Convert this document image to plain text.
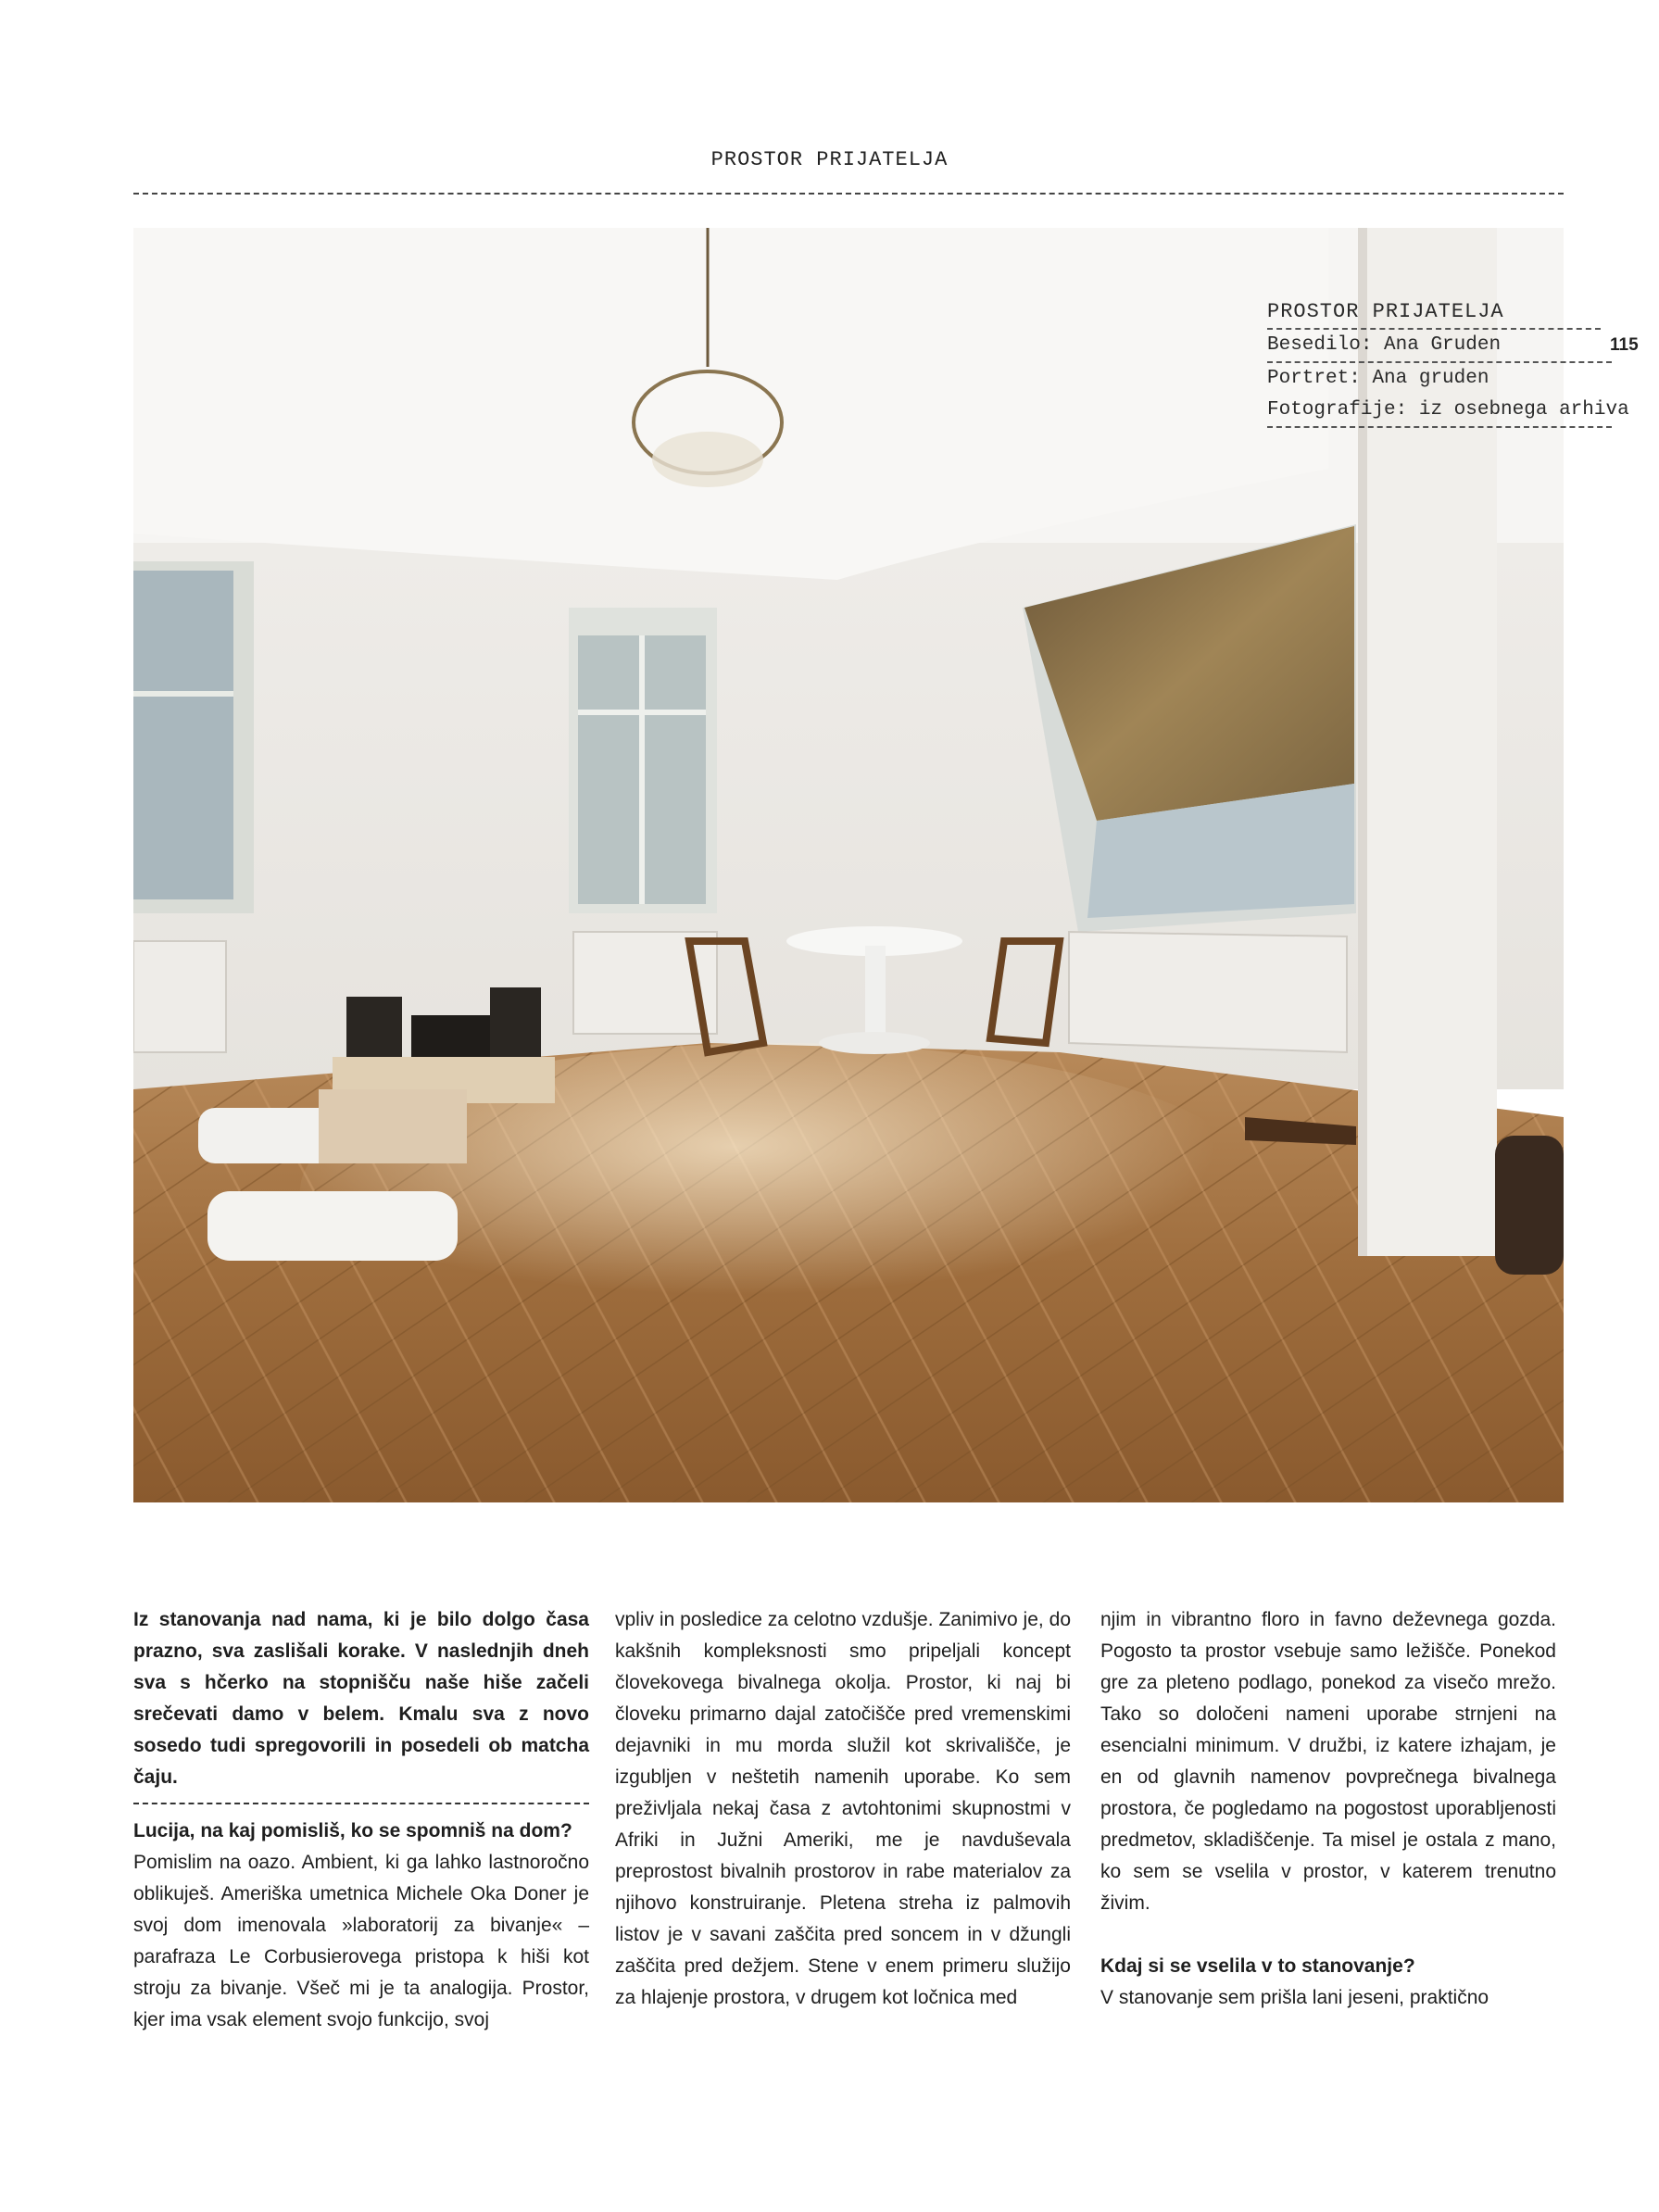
PROSTOR PRIJATELJA
PROSTOR PRIJATELJA
Besedilo: Ana Gruden
Portret: Ana gruden
Fotografije: iz osebnega arhiva
115

Iz stanovanja nad nama, ki je bilo dolgo časa prazno, sva zaslišali korake. V naslednjih dneh sva s hčerko na stopnišču naše hiše začeli srečevati damo v belem. Kmalu sva z novo sosedo tudi spregovorili in posedeli ob matcha čaju.

Lucija, na kaj pomisliš, ko se spomniš na dom?

Pomislim na oazo. Ambient, ki ga lahko lastnoročno oblikuješ. Ameriška umetnica Michele Oka Doner je svoj dom imenovala »laboratorij za bivanje« – parafraza Le Corbusierovega pristopa k hiši kot stroju za bivanje. Všeč mi je ta analogija. Prostor, kjer ima vsak element svojo funkcijo, svoj

vpliv in posledice za celotno vzdušje. Zanimivo je, do kakšnih kompleksnosti smo pripeljali koncept človekovega bivalnega okolja. Prostor, ki naj bi človeku primarno dajal zatočišče pred vremenskimi dejavniki in mu morda služil kot skrivališče, je izgubljen v neštetih namenih uporabe. Ko sem preživljala nekaj časa z avtohtonimi skupnostmi v Afriki in Južni Ameriki, me je navduševala preprostost bivalnih prostorov in rabe materialov za njihovo konstruiranje. Pletena streha iz palmovih listov je v savani zaščita pred soncem in v džungli zaščita pred dežjem. Stene v enem primeru služijo za hlajenje prostora, v drugem kot ločnica med

njim in vibrantno floro in favno deževnega gozda. Pogosto ta prostor vsebuje samo ležišče. Ponekod gre za pleteno podlago, ponekod za visečo mrežo. Tako so določeni nameni uporabe strnjeni na esencialni minimum. V družbi, iz katere izhajam, je en od glavnih namenov povprečnega bivalnega prostora, če pogledamo na pogostost uporabljenosti predmetov, skladiščenje. Ta misel je ostala z mano, ko sem se vselila v prostor, v katerem trenutno živim.

Kdaj si se vselila v to stanovanje?

V stanovanje sem prišla lani jeseni, praktično
